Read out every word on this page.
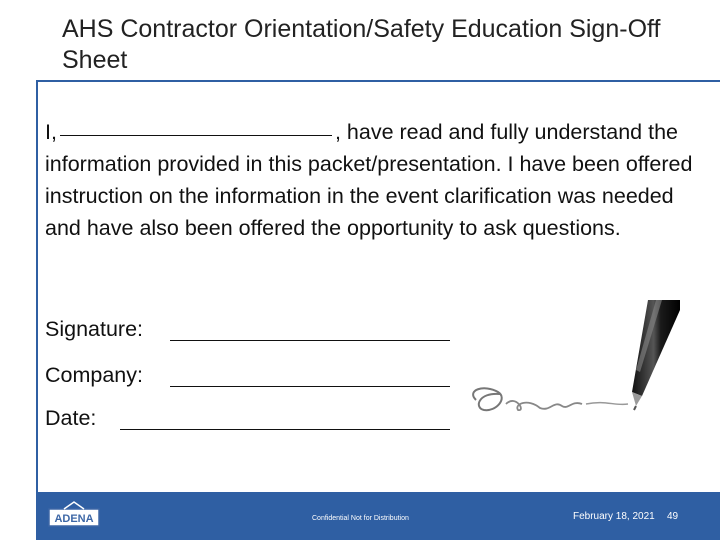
AHS Contractor Orientation/Safety Education Sign-Off Sheet
I,	, have read and fully understand the information provided in this packet/presentation. I have been offered instruction on the information in the event clarification was needed and have also been offered the opportunity to ask questions.
Signature:
Company:
Date:
ADENA	Confidential Not for Distribution	February 18, 2021 49
